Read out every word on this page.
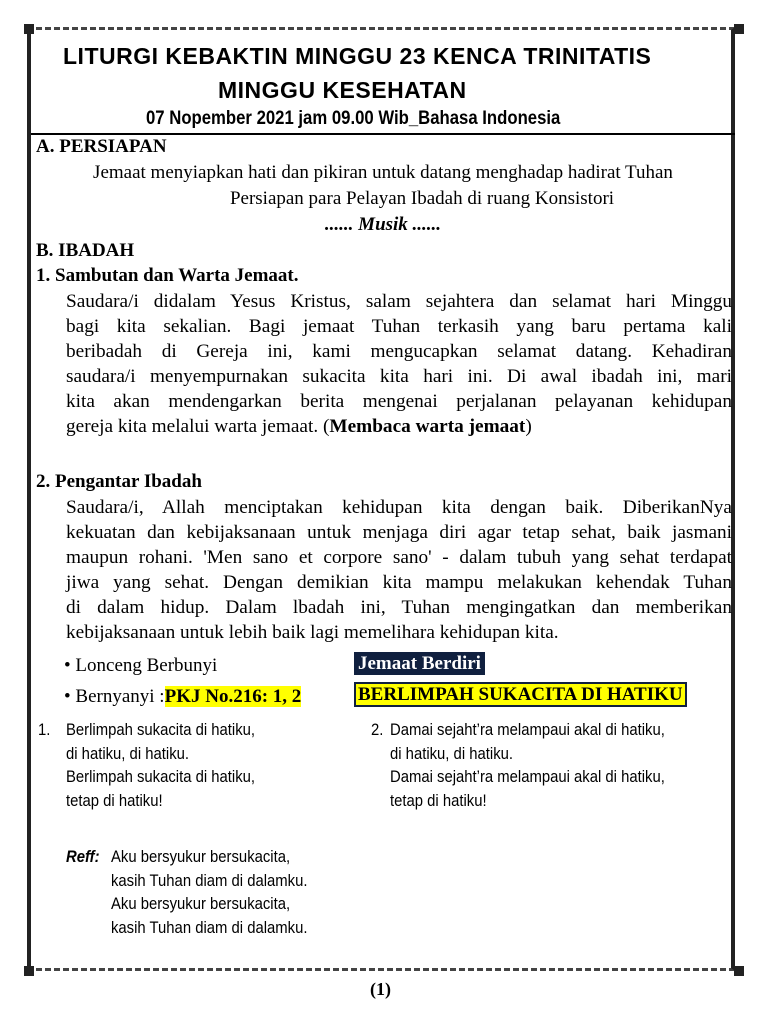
LITURGI KEBAKTIN MINGGU 23 KENCA TRINITATIS
MINGGU KESEHATAN
07 Nopember 2021 jam 09.00 Wib_Bahasa Indonesia
A. PERSIAPAN
Jemaat menyiapkan hati dan pikiran untuk datang menghadap hadirat Tuhan
Persiapan para Pelayan Ibadah di ruang Konsistori
...... Musik ......
B. IBADAH
1. Sambutan dan Warta Jemaat.
Saudara/i didalam Yesus Kristus, salam sejahtera dan selamat hari Minggu
bagi kita sekalian. Bagi jemaat Tuhan terkasih yang baru pertama kali
beribadah di Gereja ini, kami mengucapkan selamat datang. Kehadiran
saudara/i menyempurnakan sukacita kita hari ini. Di awal ibadah ini, mari
kita akan mendengarkan berita mengenai perjalanan pelayanan kehidupan
gereja kita melalui warta jemaat. (Membaca warta jemaat)
2. Pengantar Ibadah
Saudara/i, Allah menciptakan kehidupan kita dengan baik. DiberikanNya
kekuatan dan kebijaksanaan untuk menjaga diri agar tetap sehat, baik jasmani
maupun rohani. 'Men sano et corpore sano' - dalam tubuh yang sehat terdapat
jiwa yang sehat. Dengan demikian kita mampu melakukan kehendak Tuhan
di dalam hidup. Dalam lbadah ini, Tuhan mengingatkan dan memberikan
kebijaksanaan untuk lebih baik lagi memelihara kehidupan kita.
• Lonceng Berbunyi	Jemaat Berdiri
• Bernyanyi :PKJ No.216: 1, 2	BERLIMPAH SUKACITA DI HATIKU
1. Berlimpah sukacita di hatiku,
di hatiku, di hatiku.
Berlimpah sukacita di hatiku,
tetap di hatiku!
2. Damai sejaht’ra melampaui akal di hatiku,
di hatiku, di hatiku.
Damai sejaht’ra melampaui akal di hatiku,
tetap di hatiku!
Reff: Aku bersyukur bersukacita,
kasih Tuhan diam di dalamku.
Aku bersyukur bersukacita,
kasih Tuhan diam di dalamku.
(1)
